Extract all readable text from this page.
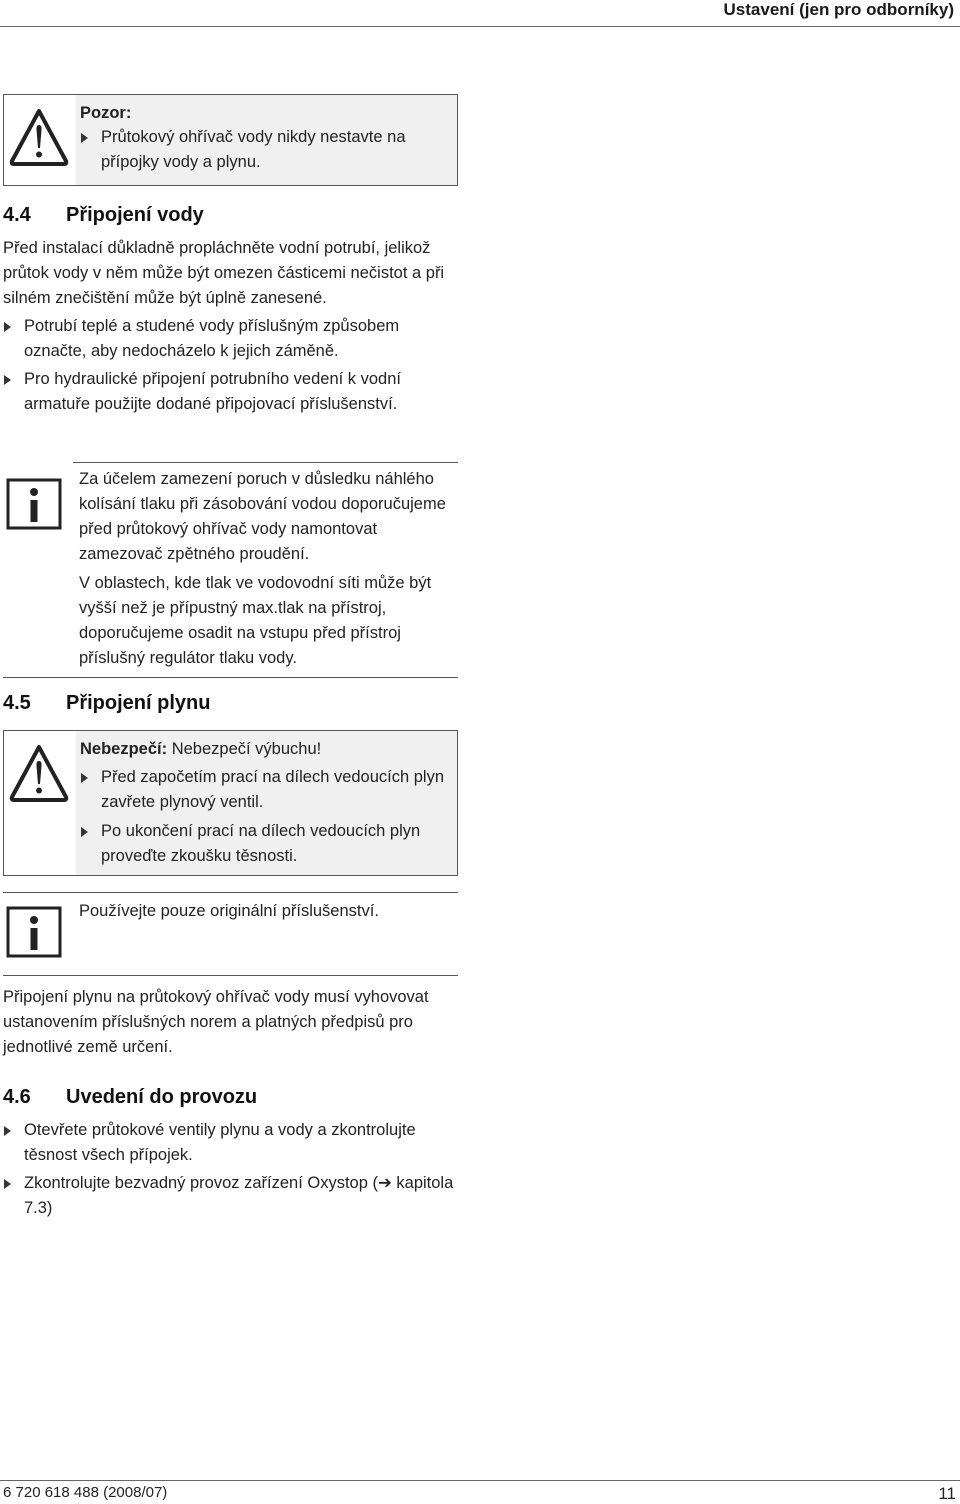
Ustavení (jen pro odborníky)
Pozor:
Průtokový ohřívač vody nikdy nestavte na přípojky vody a plynu.
4.4 Připojení vody
Před instalací důkladně propláchněte vodní potrubí, jelikož průtok vody v něm může být omezen částicemi nečistot a při silném znečištění může být úplně zanesené.
Potrubí teplé a studené vody příslušným způsobem označte, aby nedocházelo k jejich záměně.
Pro hydraulické připojení potrubního vedení k vodní armatuře použijte dodané připojovací příslušenství.
Za účelem zamezení poruch v důsledku náhlého kolísání tlaku při zásobování vodou doporučujeme před průtokový ohřívač vody namontovat zamezovač zpětného proudění.
V oblastech, kde tlak ve vodovodní síti může být vyšší než je přípustný max.tlak na přístroj, doporučujeme osadit na vstupu před přístroj příslušný regulátor tlaku vody.
4.5 Připojení plynu
Nebezpečí: Nebezpečí výbuchu!
Před započetím prací na dílech vedoucích plyn zavřete plynový ventil.
Po ukončení prací na dílech vedoucích plyn proveďte zkoušku těsnosti.
Používejte pouze originální příslušenství.
Připojení plynu na průtokový ohřívač vody musí vyhovovat ustanovením příslušných norem a platných předpisů pro jednotlivé země určení.
4.6 Uvedení do provozu
Otevřete průtokové ventily plynu a vody a zkontrolujte těsnost všech přípojek.
Zkontrolujte bezvadný provoz zařízení Oxystop (➔ kapitola 7.3)
6 720 618 488 (2008/07)	11
